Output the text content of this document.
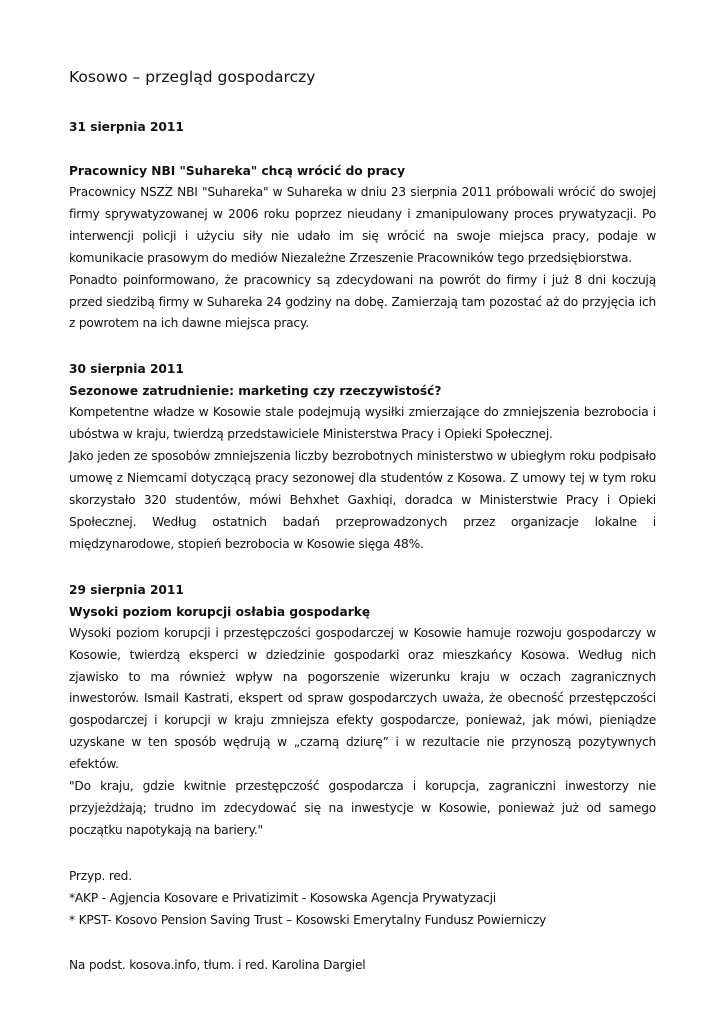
Kosowo – przegląd gospodarczy

31 sierpnia 2011

Pracownicy NBI "Suhareka" chcą wrócić do pracy

Pracownicy NSZZ NBI "Suhareka" w Suhareka w dniu 23 sierpnia 2011 próbowali wrócić do swojej firmy sprywatyzowanej w 2006 roku poprzez nieudany i zmanipulowany proces prywatyzacji. Po interwencji policji i użyciu siły nie udało im się wrócić na swoje miejsca pracy, podaje w komunikacie prasowym do mediów Niezależne Zrzeszenie Pracowników tego przedsiębiorstwa.

Ponadto poinformowano, że pracownicy są zdecydowani na powrót do firmy i już 8 dni koczują przed siedzibą firmy w Suhareka 24 godziny na dobę. Zamierzają tam pozostać aż do przyjęcia ich z powrotem na ich dawne miejsca pracy.

30 sierpnia 2011

Sezonowe zatrudnienie: marketing czy rzeczywistość?

Kompetentne władze w Kosowie stale podejmują wysiłki zmierzające do zmniejszenia bezrobocia i ubóstwa w kraju, twierdzą przedstawiciele Ministerstwa Pracy i Opieki Społecznej.

Jako jeden ze sposobów zmniejszenia liczby bezrobotnych ministerstwo w ubiegłym roku podpisało umowę z Niemcami dotyczącą pracy sezonowej dla studentów z Kosowa. Z umowy tej w tym roku skorzystało 320 studentów, mówi Behxhet Gaxhiqi, doradca w Ministerstwie Pracy i Opieki Społecznej. Według ostatnich badań przeprowadzonych przez organizacje lokalne i międzynarodowe, stopień bezrobocia w Kosowie sięga 48%.

29 sierpnia 2011

Wysoki poziom korupcji osłabia gospodarkę

Wysoki poziom korupcji i przestępczości gospodarczej w Kosowie hamuje rozwoju gospodarczy w Kosowie, twierdzą eksperci w dziedzinie gospodarki oraz mieszkańcy Kosowa. Według nich zjawisko to ma również wpływ na pogorszenie wizerunku kraju w oczach zagranicznych inwestorów. Ismail Kastrati, ekspert od spraw gospodarczych uważa, że obecność przestępczości gospodarczej i korupcji w kraju zmniejsza efekty gospodarcze, ponieważ, jak mówi, pieniądze uzyskane w ten sposób wędrują w „czarną dziurę” i w rezultacie nie przynoszą pozytywnych efektów.

"Do kraju, gdzie kwitnie przestępczość gospodarcza i korupcja, zagraniczni inwestorzy nie przyjeżdżają; trudno im zdecydować się na inwestycje w Kosowie, ponieważ już od samego początku napotykają na bariery."

Przyp. red.

*AKP - Agjencia Kosovare e Privatizimit - Kosowska Agencja Prywatyzacji

* KPST- Kosovo Pension Saving Trust – Kosowski Emerytalny Fundusz Powierniczy

Na podst. kosova.info, tłum. i red. Karolina Dargiel
